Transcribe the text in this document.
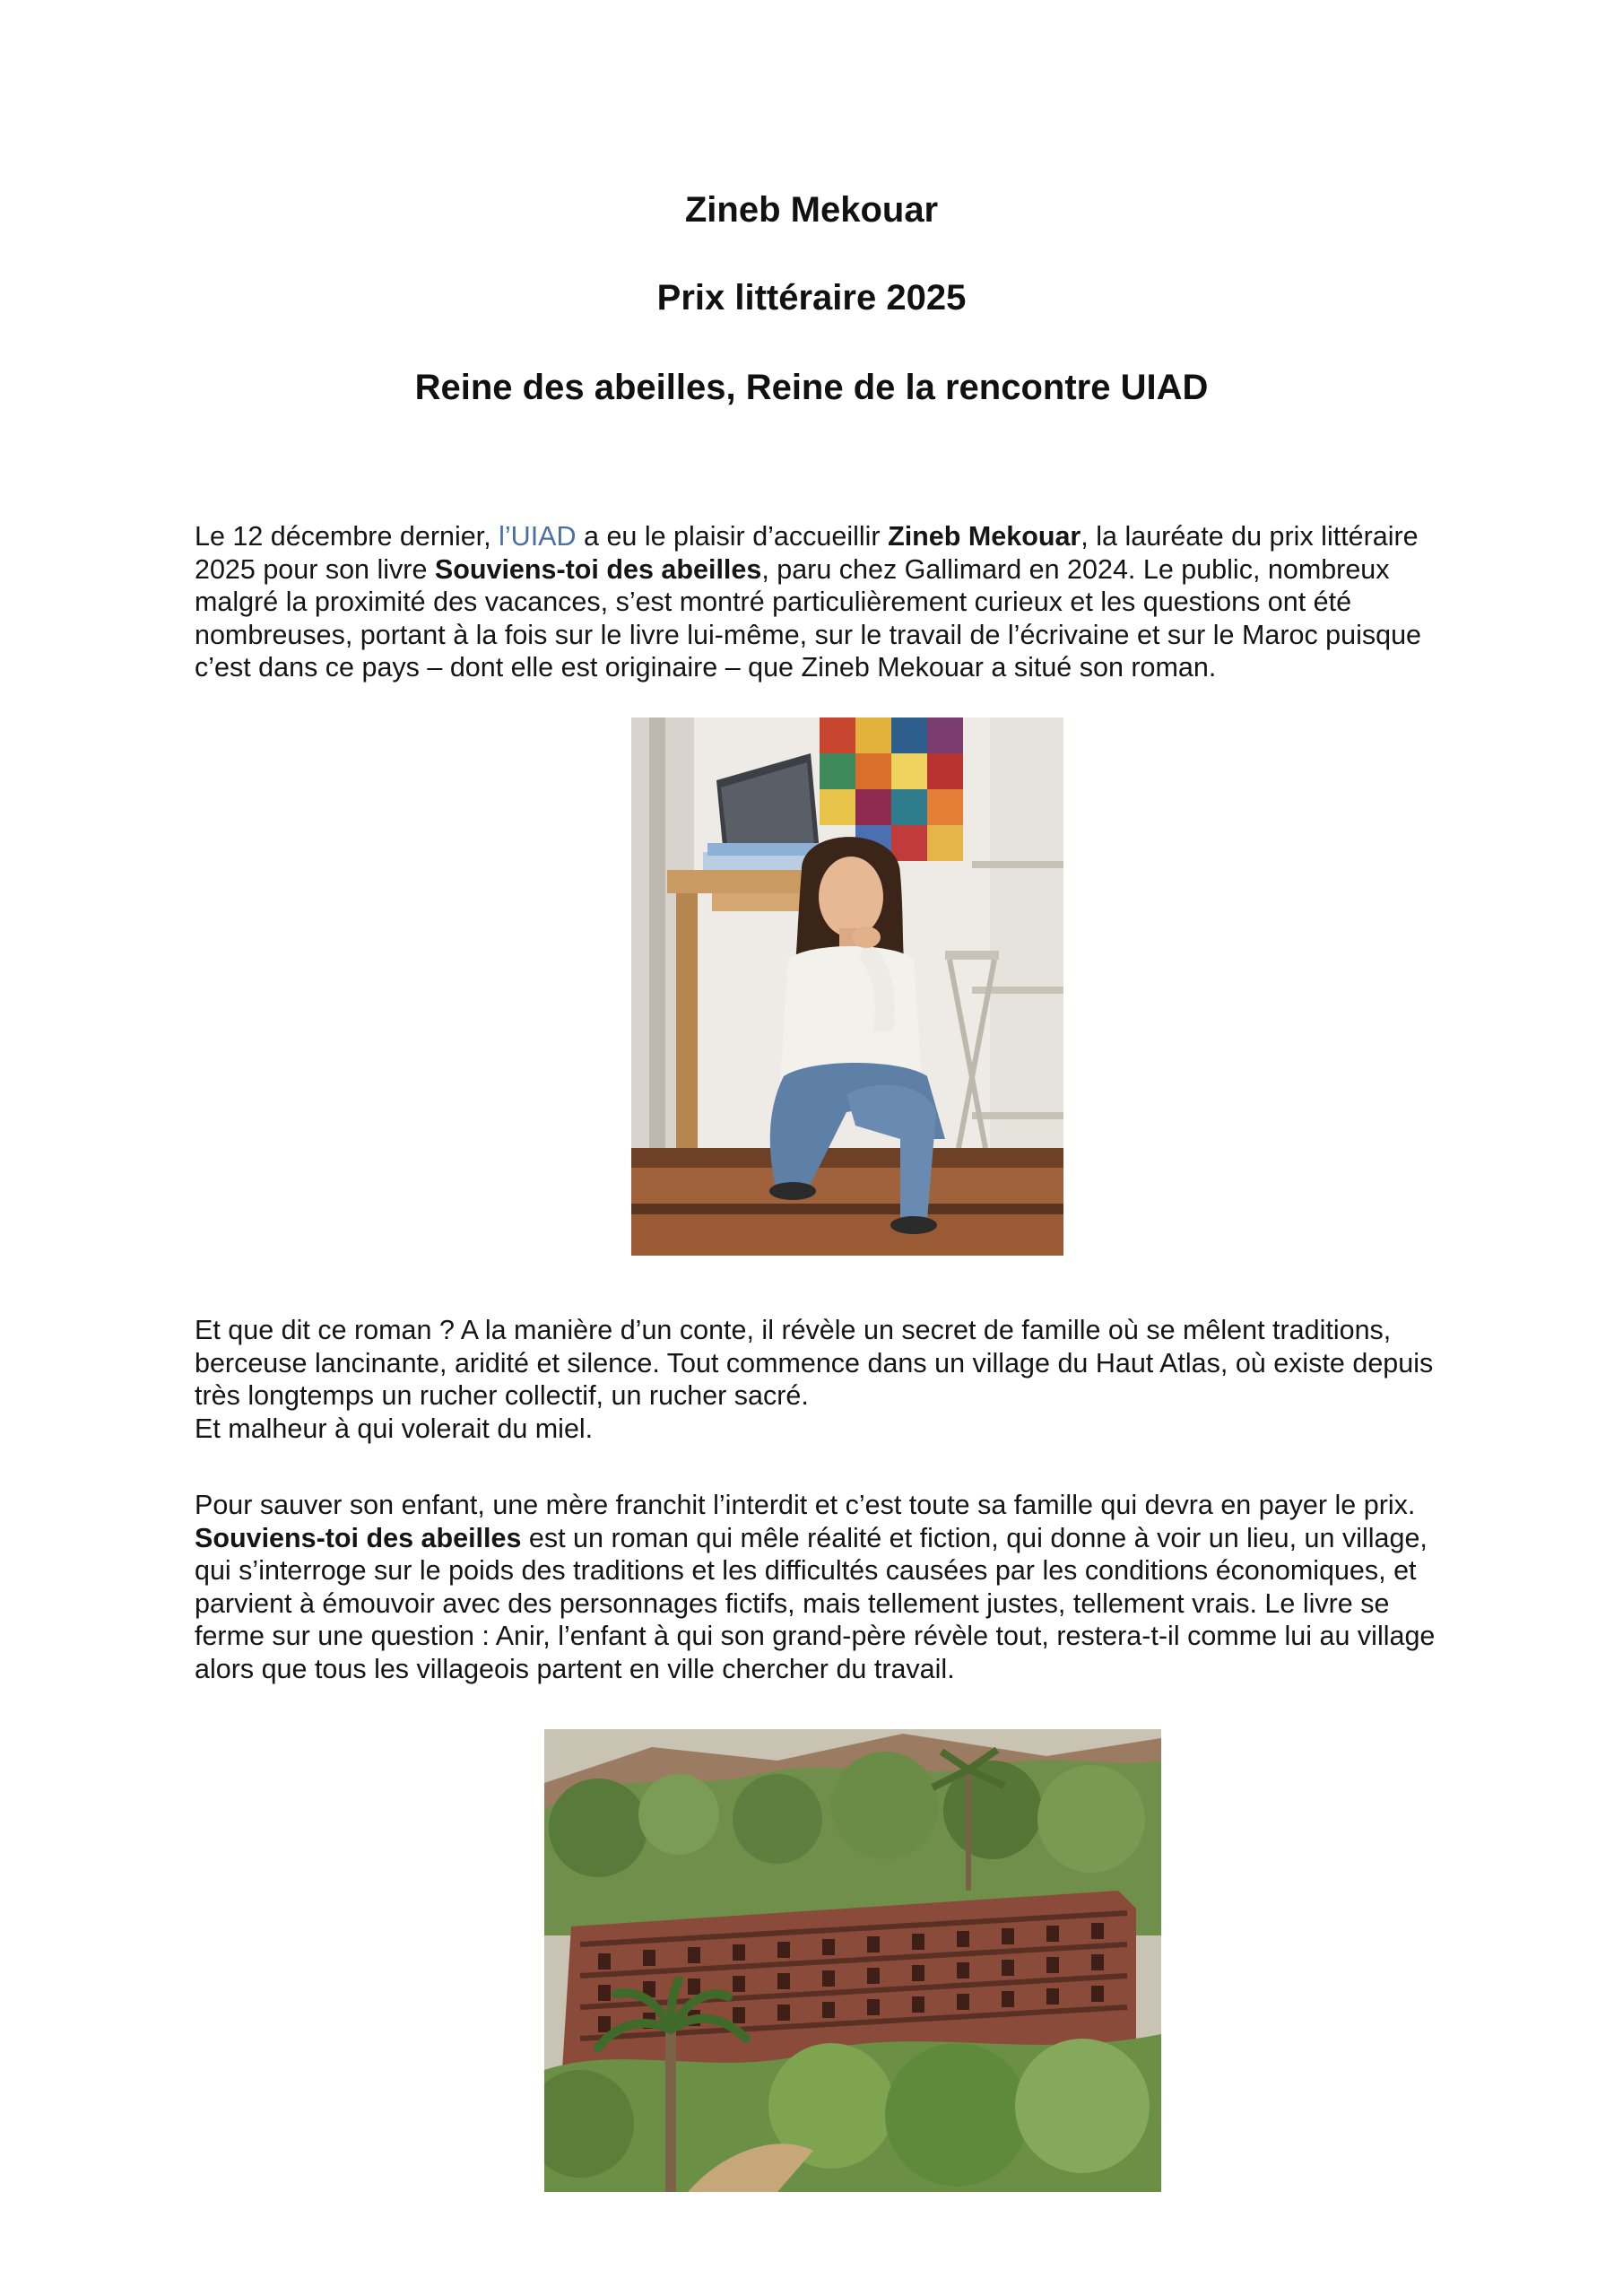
Zineb Mekouar

Prix littéraire 2025

Reine des abeilles, Reine de la rencontre UIAD

Le 12 décembre dernier, l’UIAD a eu le plaisir d’accueillir Zineb Mekouar, la lauréate du prix littéraire 2025 pour son livre Souviens-toi des abeilles, paru chez Gallimard en 2024. Le public, nombreux malgré la proximité des vacances, s’est montré particulièrement curieux et les questions ont été nombreuses, portant à la fois sur le livre lui-même, sur le travail de l’écrivaine et sur le Maroc puisque c’est dans ce pays – dont elle est originaire – que Zineb Mekouar a situé son roman.

Et que dit ce roman ? A la manière d’un conte, il révèle un secret de famille où se mêlent traditions, berceuse lancinante, aridité et silence. Tout commence dans un village du Haut Atlas, où existe depuis très longtemps un rucher collectif, un rucher sacré.
Et malheur à qui volerait du miel.

Pour sauver son enfant, une mère franchit l’interdit et c’est toute sa famille qui devra en payer le prix. Souviens-toi des abeilles est un roman qui mêle réalité et fiction, qui donne à voir un lieu, un village, qui s’interroge sur le poids des traditions et les difficultés causées par les conditions économiques, et parvient à émouvoir avec des personnages fictifs, mais tellement justes, tellement vrais. Le livre se ferme sur une question : Anir, l’enfant à qui son grand-père révèle tout, restera-t-il comme lui au village alors que tous les villageois partent en ville chercher du travail.
